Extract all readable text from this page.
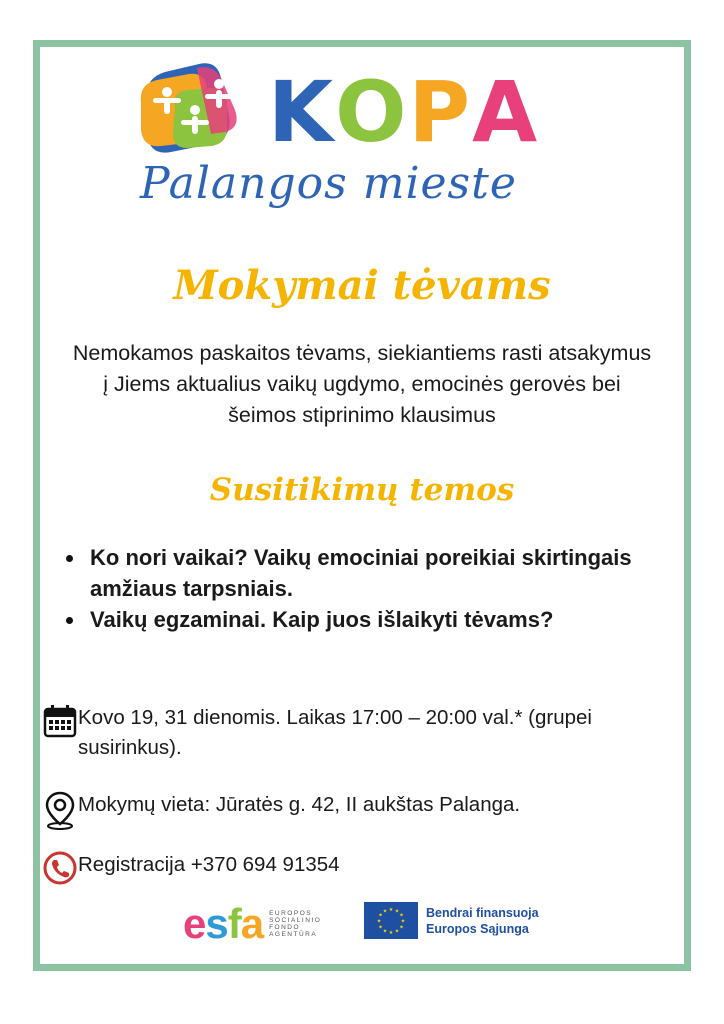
KOPA
Palangos mieste
Mokymai tėvams
Nemokamos paskaitos tėvams, siekiantiems rasti atsakymus į Jiems aktualius vaikų ugdymo, emocinės gerovės bei šeimos stiprinimo klausimus
Susitikimų temos
Ko nori vaikai? Vaikų emociniai poreikiai skirtingais amžiaus tarpsniais.
Vaikų egzaminai. Kaip juos išlaikyti tėvams?
Kovo 19, 31 dienomis. Laikas 17:00 – 20:00 val.* (grupei susirinkus).
Mokymų vieta: Jūratės g. 42, II aukštas Palanga.
Registracija +370 694 91354
esfa EUROPOS
SOCIALINIO
FONDO
AGENTŪRA
★ ★
★
★
★
★
★
★
★
★
★
★	Bendrai finansuoja
Europos Sąjunga
